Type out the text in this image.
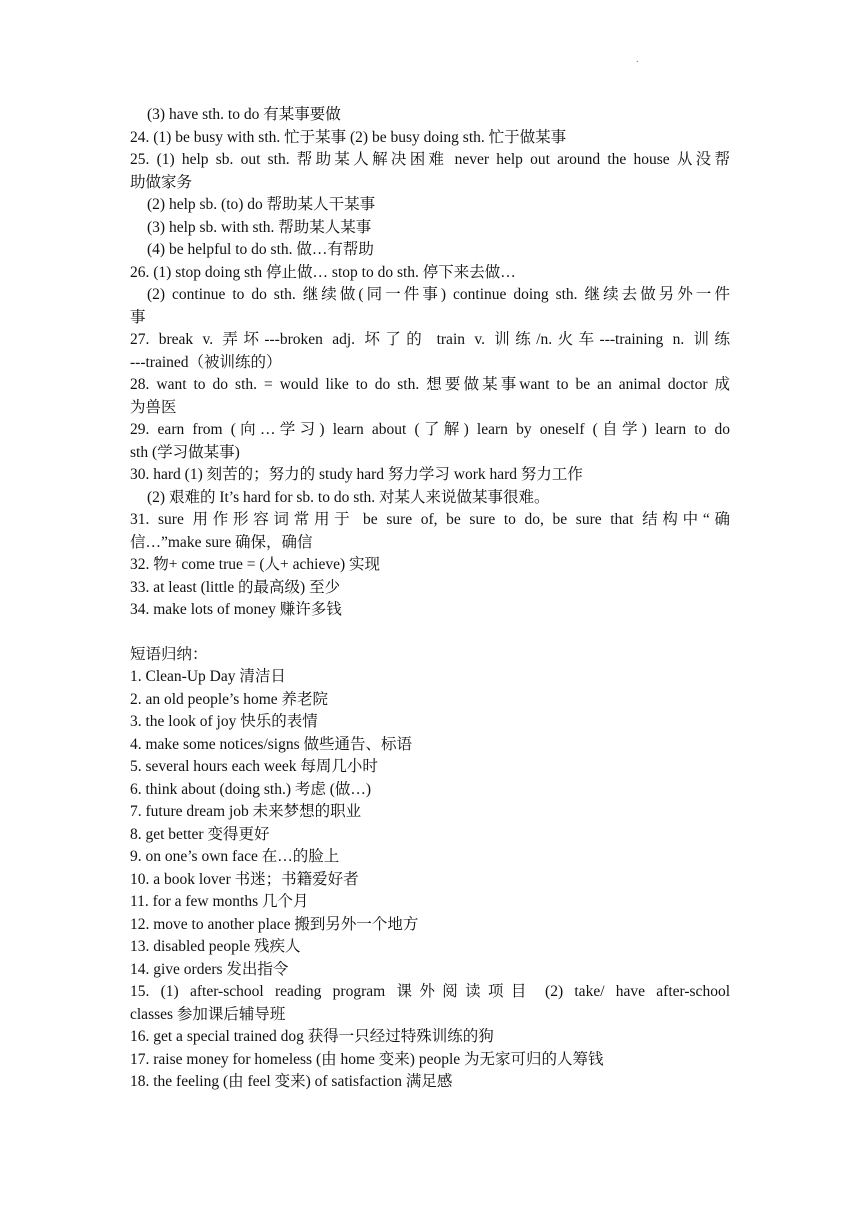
.
(3) have sth. to do 有某事要做
24. (1) be busy with sth. 忙于某事 (2) be busy doing sth. 忙于做某事
25. (1) help sb. out sth. 帮助某人解决困难 never help out around the house 从没帮
助做家务
(2) help sb. (to) do 帮助某人干某事
(3) help sb. with sth. 帮助某人某事
(4) be helpful to do sth. 做…有帮助
26. (1) stop doing sth 停止做… stop to do sth. 停下来去做…
(2) continue to do sth. 继续做(同一件事) continue doing sth. 继续去做另外一件
事
27. break v. 弄坏---broken adj. 坏了的 train v. 训练/n.火车---training n. 训练
---trained（被训练的）
28. want to do sth. = would like to do sth. 想要做某事want to be an animal doctor 成
为兽医
29. earn from (向…学习) learn about (了解) learn by oneself (自学) learn to do
sth (学习做某事)
30. hard (1) 刻苦的；努力的 study hard 努力学习 work hard 努力工作
(2) 艰难的 It’s hard for sb. to do sth. 对某人来说做某事很难。
31. sure 用作形容词常用于 be sure of, be sure to do, be sure that 结构中“确
信…”make sure 确保，确信
32. 物+ come true = (人+ achieve) 实现
33. at least (little 的最高级) 至少
34. make lots of money 赚许多钱
短语归纳：
1. Clean-Up Day 清洁日
2. an old people’s home 养老院
3. the look of joy 快乐的表情
4. make some notices/signs 做些通告、标语
5. several hours each week 每周几小时
6. think about (doing sth.) 考虑 (做…)
7. future dream job 未来梦想的职业
8. get better 变得更好
9. on one’s own face 在…的脸上
10. a book lover 书迷；书籍爱好者
11. for a few months 几个月
12. move to another place 搬到另外一个地方
13. disabled people 残疾人
14. give orders 发出指令
15. (1) after-school reading program 课外阅读项目 (2) take/ have after-school
classes 参加课后辅导班
16. get a special trained dog 获得一只经过特殊训练的狗
17. raise money for homeless (由 home 变来) people 为无家可归的人筹钱
18. the feeling (由 feel 变来) of satisfaction 满足感
